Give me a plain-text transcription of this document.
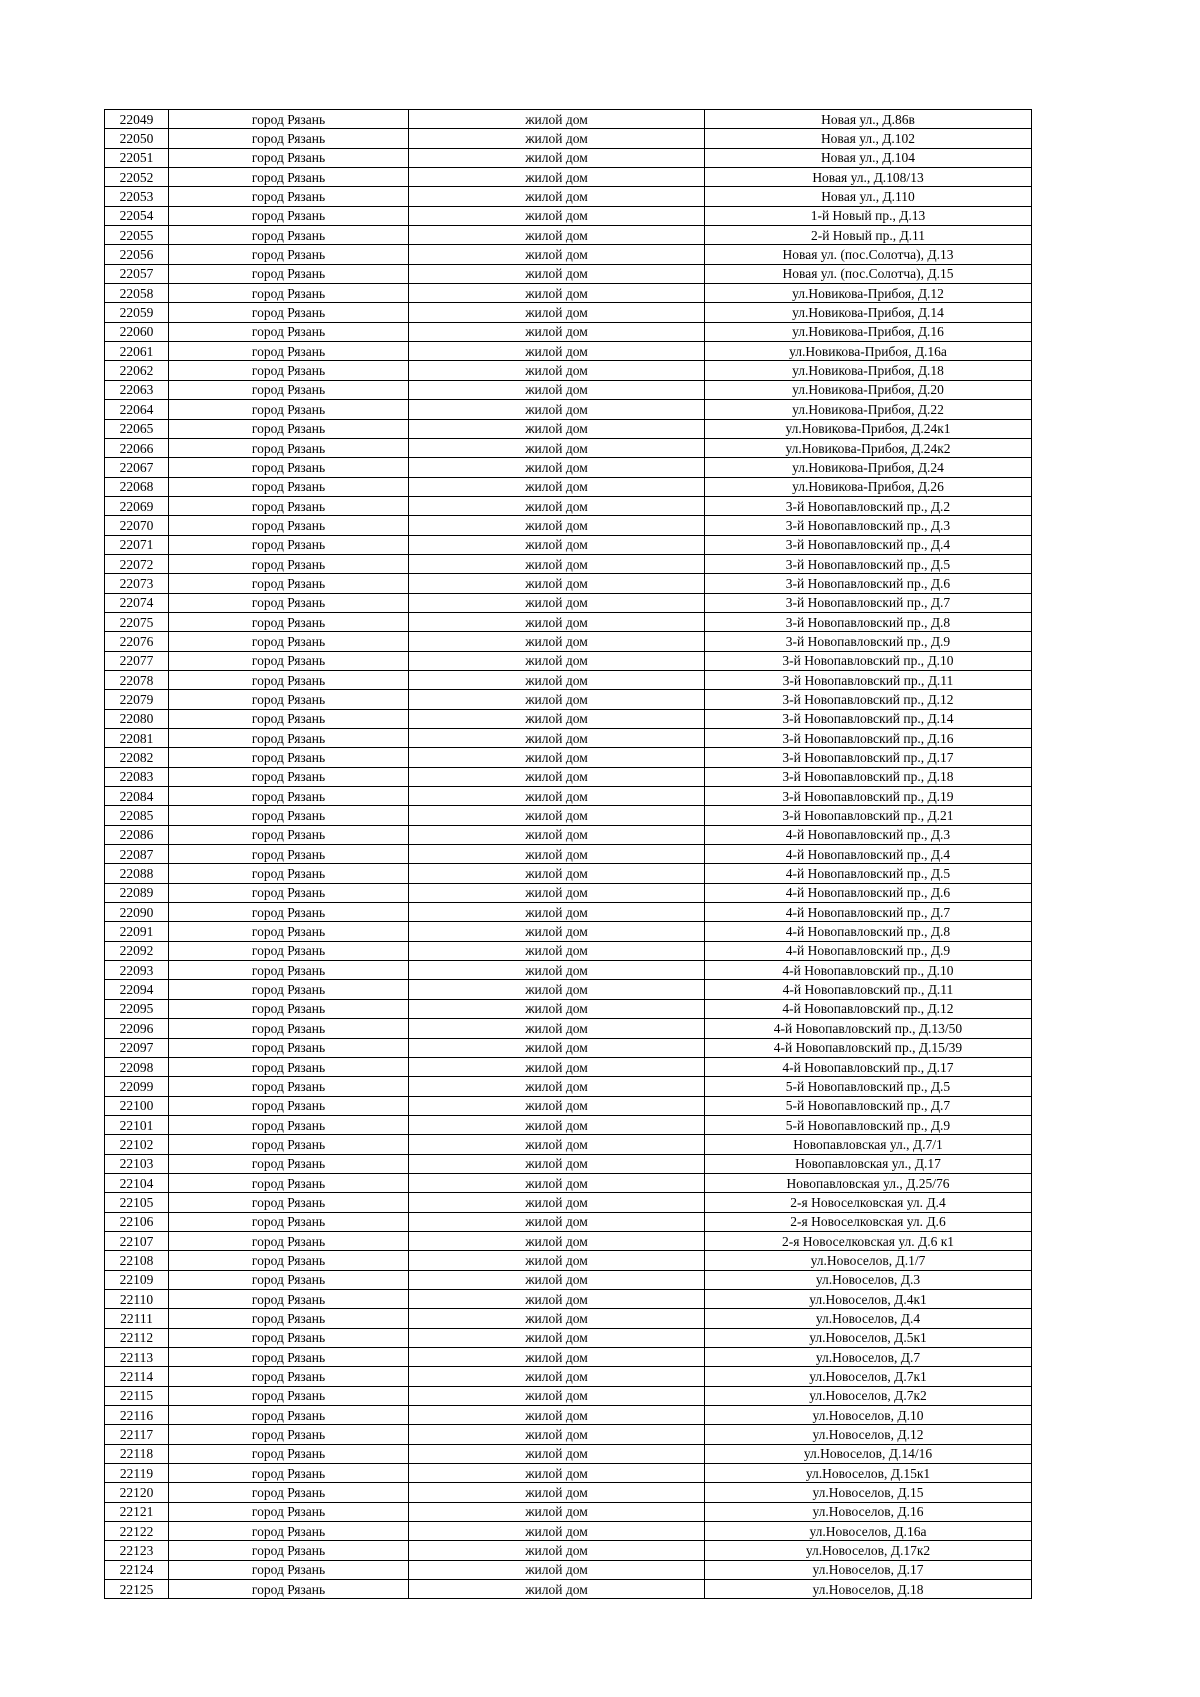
22049	город Рязань	жилой дом	Новая ул., Д.86в
22050	город Рязань	жилой дом	Новая ул., Д.102
22051	город Рязань	жилой дом	Новая ул., Д.104
22052	город Рязань	жилой дом	Новая ул., Д.108/13
22053	город Рязань	жилой дом	Новая ул., Д.110
22054	город Рязань	жилой дом	1-й Новый пр., Д.13
22055	город Рязань	жилой дом	2-й Новый пр., Д.11
22056	город Рязань	жилой дом	Новая ул. (пос.Солотча), Д.13
22057	город Рязань	жилой дом	Новая ул. (пос.Солотча), Д.15
22058	город Рязань	жилой дом	ул.Новикова-Прибоя, Д.12
22059	город Рязань	жилой дом	ул.Новикова-Прибоя, Д.14
22060	город Рязань	жилой дом	ул.Новикова-Прибоя, Д.16
22061	город Рязань	жилой дом	ул.Новикова-Прибоя, Д.16а
22062	город Рязань	жилой дом	ул.Новикова-Прибоя, Д.18
22063	город Рязань	жилой дом	ул.Новикова-Прибоя, Д.20
22064	город Рязань	жилой дом	ул.Новикова-Прибоя, Д.22
22065	город Рязань	жилой дом	ул.Новикова-Прибоя, Д.24к1
22066	город Рязань	жилой дом	ул.Новикова-Прибоя, Д.24к2
22067	город Рязань	жилой дом	ул.Новикова-Прибоя, Д.24
22068	город Рязань	жилой дом	ул.Новикова-Прибоя, Д.26
22069	город Рязань	жилой дом	3-й Новопавловский пр., Д.2
22070	город Рязань	жилой дом	3-й Новопавловский пр., Д.3
22071	город Рязань	жилой дом	3-й Новопавловский пр., Д.4
22072	город Рязань	жилой дом	3-й Новопавловский пр., Д.5
22073	город Рязань	жилой дом	3-й Новопавловский пр., Д.6
22074	город Рязань	жилой дом	3-й Новопавловский пр., Д.7
22075	город Рязань	жилой дом	3-й Новопавловский пр., Д.8
22076	город Рязань	жилой дом	3-й Новопавловский пр., Д.9
22077	город Рязань	жилой дом	3-й Новопавловский пр., Д.10
22078	город Рязань	жилой дом	3-й Новопавловский пр., Д.11
22079	город Рязань	жилой дом	3-й Новопавловский пр., Д.12
22080	город Рязань	жилой дом	3-й Новопавловский пр., Д.14
22081	город Рязань	жилой дом	3-й Новопавловский пр., Д.16
22082	город Рязань	жилой дом	3-й Новопавловский пр., Д.17
22083	город Рязань	жилой дом	3-й Новопавловский пр., Д.18
22084	город Рязань	жилой дом	3-й Новопавловский пр., Д.19
22085	город Рязань	жилой дом	3-й Новопавловский пр., Д.21
22086	город Рязань	жилой дом	4-й Новопавловский пр., Д.3
22087	город Рязань	жилой дом	4-й Новопавловский пр., Д.4
22088	город Рязань	жилой дом	4-й Новопавловский пр., Д.5
22089	город Рязань	жилой дом	4-й Новопавловский пр., Д.6
22090	город Рязань	жилой дом	4-й Новопавловский пр., Д.7
22091	город Рязань	жилой дом	4-й Новопавловский пр., Д.8
22092	город Рязань	жилой дом	4-й Новопавловский пр., Д.9
22093	город Рязань	жилой дом	4-й Новопавловский пр., Д.10
22094	город Рязань	жилой дом	4-й Новопавловский пр., Д.11
22095	город Рязань	жилой дом	4-й Новопавловский пр., Д.12
22096	город Рязань	жилой дом	4-й Новопавловский пр., Д.13/50
22097	город Рязань	жилой дом	4-й Новопавловский пр., Д.15/39
22098	город Рязань	жилой дом	4-й Новопавловский пр., Д.17
22099	город Рязань	жилой дом	5-й Новопавловский пр., Д.5
22100	город Рязань	жилой дом	5-й Новопавловский пр., Д.7
22101	город Рязань	жилой дом	5-й Новопавловский пр., Д.9
22102	город Рязань	жилой дом	Новопавловская ул., Д.7/1
22103	город Рязань	жилой дом	Новопавловская ул., Д.17
22104	город Рязань	жилой дом	Новопавловская ул., Д.25/76
22105	город Рязань	жилой дом	2-я Новоселковская ул. Д.4
22106	город Рязань	жилой дом	2-я Новоселковская ул. Д.6
22107	город Рязань	жилой дом	2-я Новоселковская ул. Д.6 к1
22108	город Рязань	жилой дом	ул.Новоселов, Д.1/7
22109	город Рязань	жилой дом	ул.Новоселов, Д.3
22110	город Рязань	жилой дом	ул.Новоселов, Д.4к1
22111	город Рязань	жилой дом	ул.Новоселов, Д.4
22112	город Рязань	жилой дом	ул.Новоселов, Д.5к1
22113	город Рязань	жилой дом	ул.Новоселов, Д.7
22114	город Рязань	жилой дом	ул.Новоселов, Д.7к1
22115	город Рязань	жилой дом	ул.Новоселов, Д.7к2
22116	город Рязань	жилой дом	ул.Новоселов, Д.10
22117	город Рязань	жилой дом	ул.Новоселов, Д.12
22118	город Рязань	жилой дом	ул.Новоселов, Д.14/16
22119	город Рязань	жилой дом	ул.Новоселов, Д.15к1
22120	город Рязань	жилой дом	ул.Новоселов, Д.15
22121	город Рязань	жилой дом	ул.Новоселов, Д.16
22122	город Рязань	жилой дом	ул.Новоселов, Д.16а
22123	город Рязань	жилой дом	ул.Новоселов, Д.17к2
22124	город Рязань	жилой дом	ул.Новоселов, Д.17
22125	город Рязань	жилой дом	ул.Новоселов, Д.18
